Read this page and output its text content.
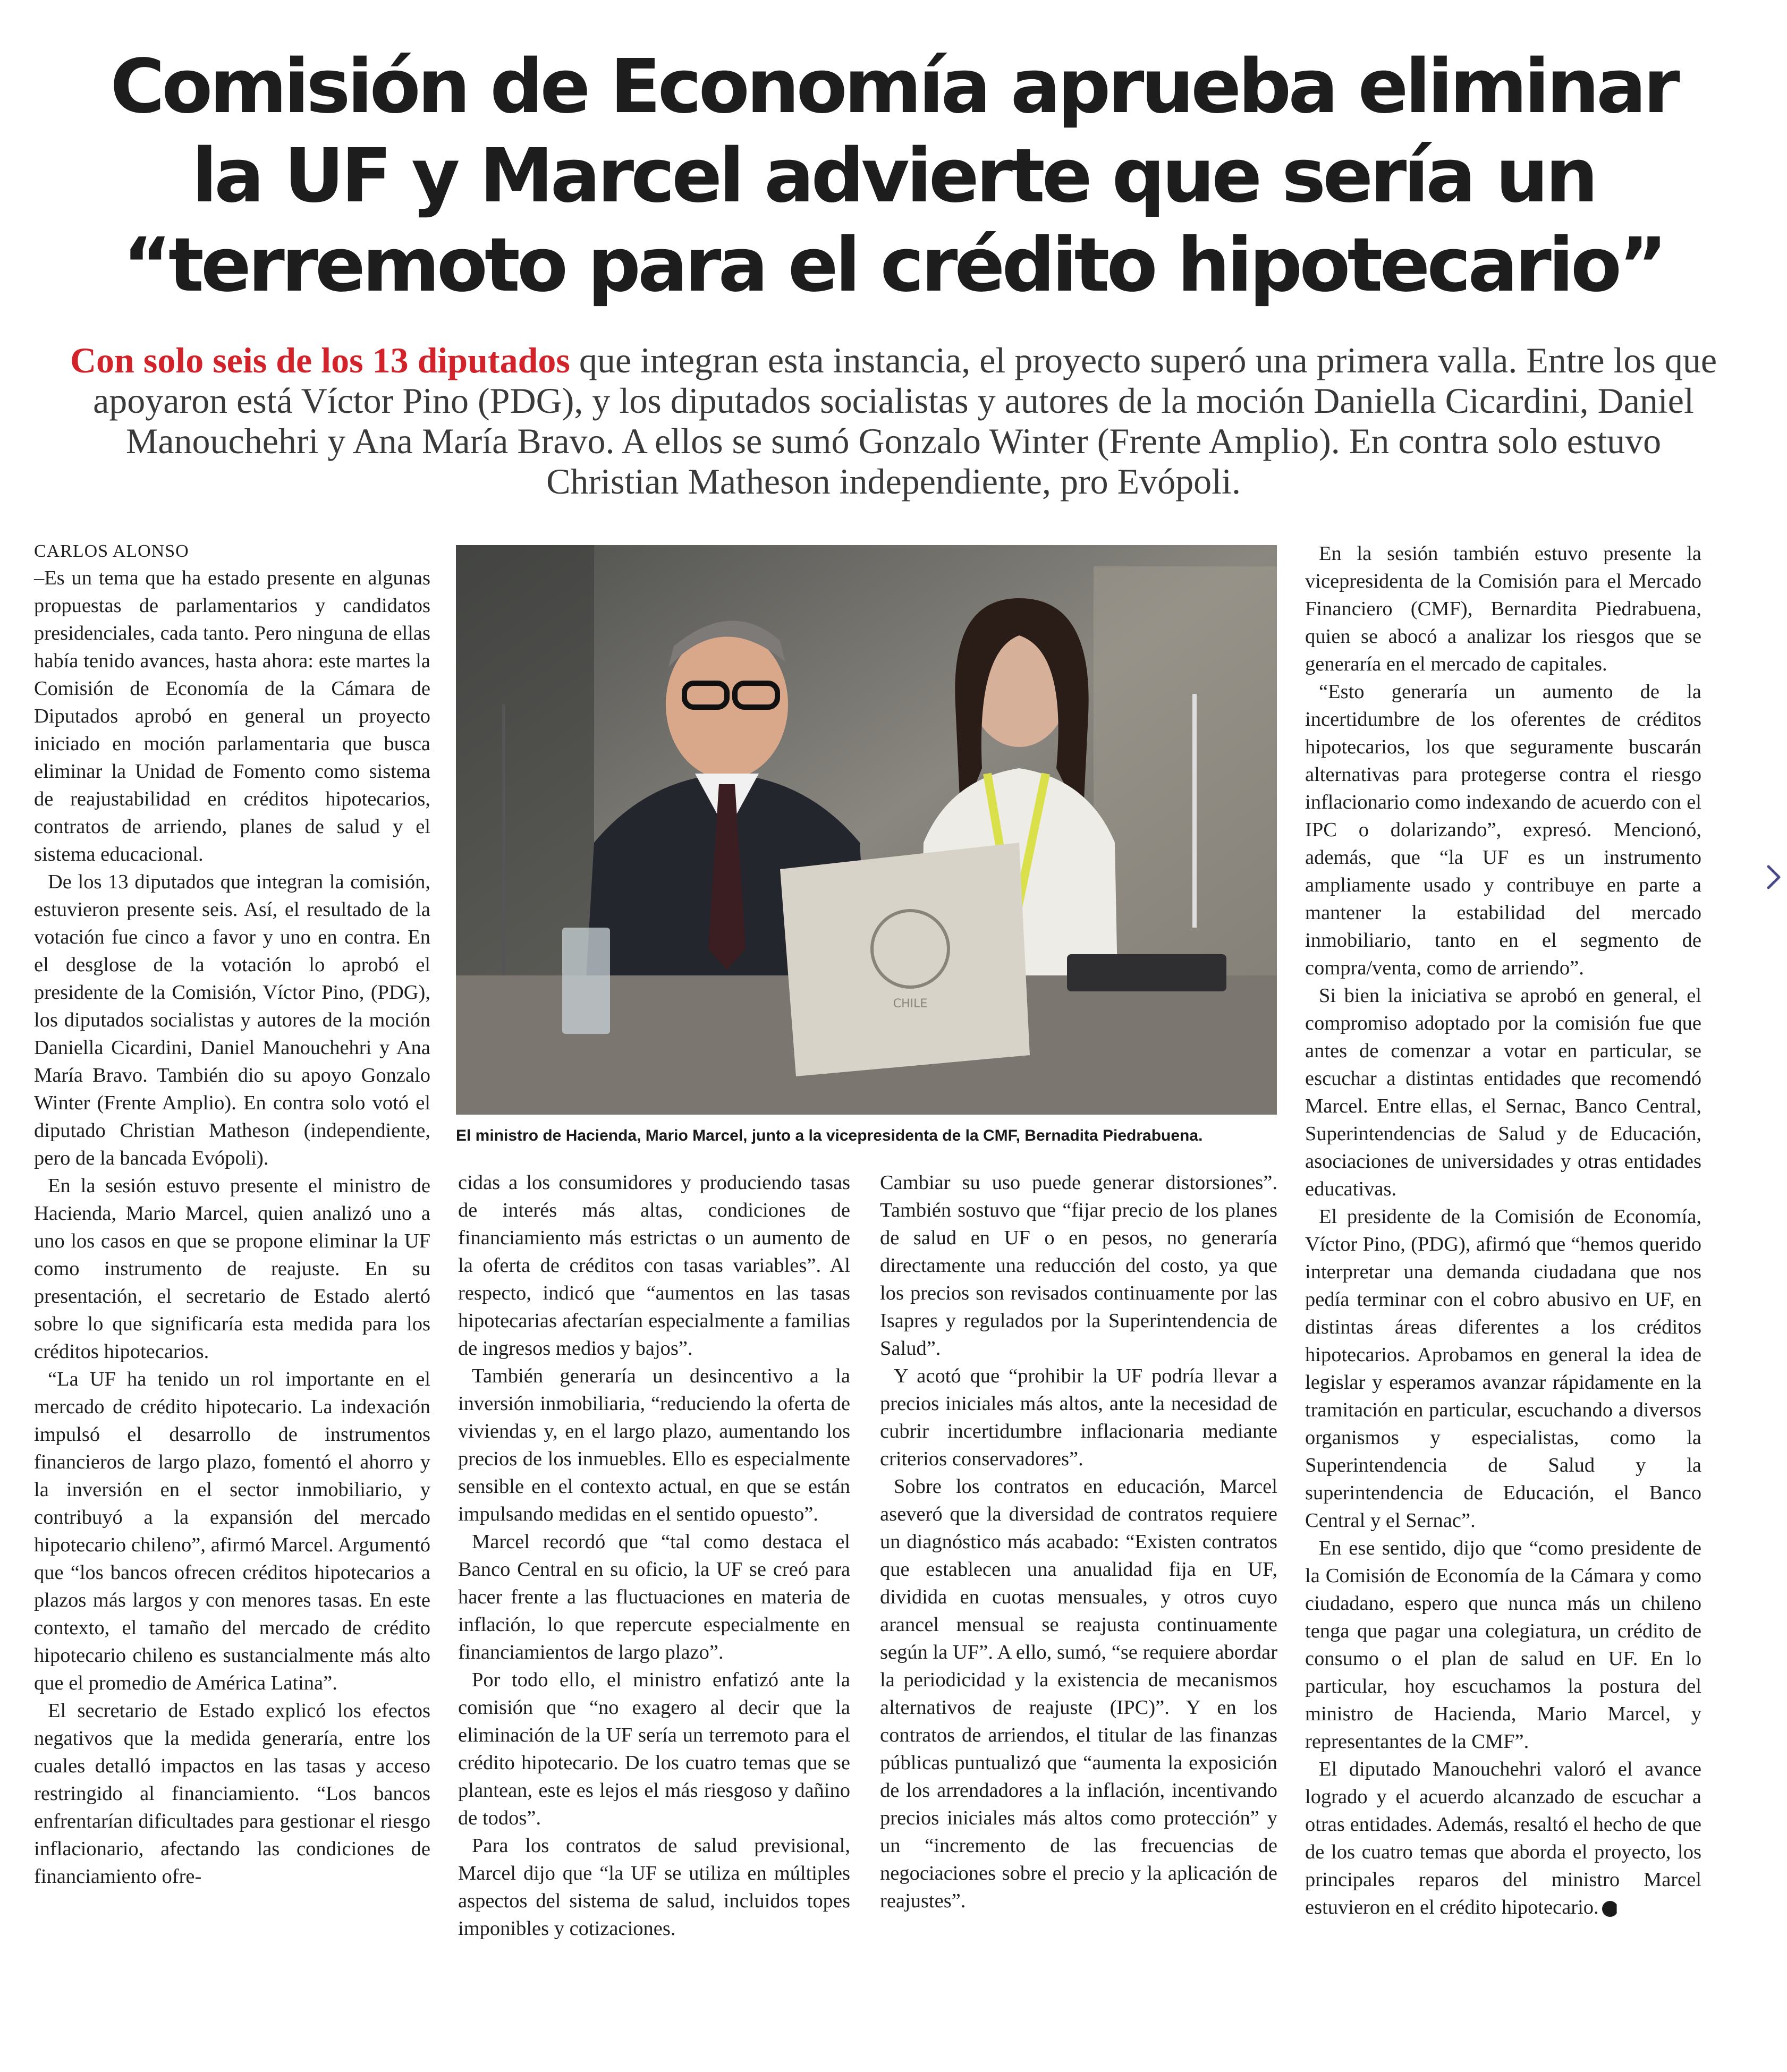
Comisión de Economía aprueba eliminar
la UF y Marcel advierte que sería un
“terremoto para el crédito hipotecario”
Con solo seis de los 13 diputados que integran esta instancia, el proyecto superó una primera valla. Entre los que apoyaron está Víctor Pino (PDG), y los diputados socialistas y autores de la moción Daniella Cicardini, Daniel Manouchehri y Ana María Bravo. A ellos se sumó Gonzalo Winter (Frente Amplio). En contra solo estuvo Christian Matheson independiente, pro Evópoli.

CARLOS ALONSO

–Es un tema que ha estado presente en algunas propuestas de parlamentarios y candidatos presidenciales, cada tanto. Pero ninguna de ellas había tenido avances, hasta ahora: este martes la Comisión de Economía de la Cámara de Diputados aprobó en general un proyecto iniciado en moción parlamentaria que busca eliminar la Unidad de Fomento como sistema de reajustabilidad en créditos hipotecarios, contratos de arriendo, planes de salud y el sistema educacional.

De los 13 diputados que integran la comisión, estuvieron presente seis. Así, el resultado de la votación fue cinco a favor y uno en contra. En el desglose de la votación lo aprobó el presidente de la Comisión, Víctor Pino, (PDG), los diputados socialistas y autores de la moción Daniella Cicardini, Daniel Manouchehri y Ana María Bravo. También dio su apoyo Gonzalo Winter (Frente Amplio). En contra solo votó el diputado Christian Matheson (independiente, pero de la bancada Evópoli).

En la sesión estuvo presente el ministro de Hacienda, Mario Marcel, quien analizó uno a uno los casos en que se propone eliminar la UF como instrumento de reajuste. En su presentación, el secretario de Estado alertó sobre lo que significaría esta medida para los créditos hipotecarios.

“La UF ha tenido un rol importante en el mercado de crédito hipotecario. La indexación impulsó el desarrollo de instrumentos financieros de largo plazo, fomentó el ahorro y la inversión en el sector inmobiliario, y contribuyó a la expansión del mercado hipotecario chileno”, afirmó Marcel. Argumentó que “los bancos ofrecen créditos hipotecarios a plazos más largos y con menores tasas. En este contexto, el tamaño del mercado de crédito hipotecario chileno es sustancialmente más alto que el promedio de América Latina”.

El secretario de Estado explicó los efectos negativos que la medida generaría, entre los cuales detalló impactos en las tasas y acceso restringido al financiamiento. “Los bancos enfrentarían dificultades para gestionar el riesgo inflacionario, afectando las condiciones de financiamiento ofre-

CHILE
El ministro de Hacienda, Mario Marcel, junto a la vicepresidenta de la CMF, Bernadita Piedrabuena.

cidas a los consumidores y produciendo tasas de interés más altas, condiciones de financiamiento más estrictas o un aumento de la oferta de créditos con tasas variables”. Al respecto, indicó que “aumentos en las tasas hipotecarias afectarían especialmente a familias de ingresos medios y bajos”.

También generaría un desincentivo a la inversión inmobiliaria, “reduciendo la oferta de viviendas y, en el largo plazo, aumentando los precios de los inmuebles. Ello es especialmente sensible en el contexto actual, en que se están impulsando medidas en el sentido opuesto”.

Marcel recordó que “tal como destaca el Banco Central en su oficio, la UF se creó para hacer frente a las fluctuaciones en materia de inflación, lo que repercute especialmente en financiamientos de largo plazo”.

Por todo ello, el ministro enfatizó ante la comisión que “no exagero al decir que la eliminación de la UF sería un terremoto para el crédito hipotecario. De los cuatro temas que se plantean, este es lejos el más riesgoso y dañino de todos”.

Para los contratos de salud previsional, Marcel dijo que “la UF se utiliza en múltiples aspectos del sistema de salud, incluidos topes imponibles y cotizaciones.

Cambiar su uso puede generar distorsiones”. También sostuvo que “fijar precio de los planes de salud en UF o en pesos, no generaría directamente una reducción del costo, ya que los precios son revisados continuamente por las Isapres y regulados por la Superintendencia de Salud”.

Y acotó que “prohibir la UF podría llevar a precios iniciales más altos, ante la necesidad de cubrir incertidumbre inflacionaria mediante criterios conservadores”.

Sobre los contratos en educación, Marcel aseveró que la diversidad de contratos requiere un diagnóstico más acabado: “Existen contratos que establecen una anualidad fija en UF, dividida en cuotas mensuales, y otros cuyo arancel mensual se reajusta continuamente según la UF”. A ello, sumó, “se requiere abordar la periodicidad y la existencia de mecanismos alternativos de reajuste (IPC)”. Y en los contratos de arriendos, el titular de las finanzas públicas puntualizó que “aumenta la exposición de los arrendadores a la inflación, incentivando precios iniciales más altos como protección” y un “incremento de las frecuencias de negociaciones sobre el precio y la aplicación de reajustes”.

En la sesión también estuvo presente la vicepresidenta de la Comisión para el Mercado Financiero (CMF), Bernardita Piedrabuena, quien se abocó a analizar los riesgos que se generaría en el mercado de capitales.

“Esto generaría un aumento de la incertidumbre de los oferentes de créditos hipotecarios, los que seguramente buscarán alternativas para protegerse contra el riesgo inflacionario como indexando de acuerdo con el IPC o dolarizando”, expresó. Mencionó, además, que “la UF es un instrumento ampliamente usado y contribuye en parte a mantener la estabilidad del mercado inmobiliario, tanto en el segmento de compra/venta, como de arriendo”.

Si bien la iniciativa se aprobó en general, el compromiso adoptado por la comisión fue que antes de comenzar a votar en particular, se escuchar a distintas entidades que recomendó Marcel. Entre ellas, el Sernac, Banco Central, Superintendencias de Salud y de Educación, asociaciones de universidades y otras entidades educativas.

El presidente de la Comisión de Economía, Víctor Pino, (PDG), afirmó que “hemos querido interpretar una demanda ciudadana que nos pedía terminar con el cobro abusivo en UF, en distintas áreas diferentes a los créditos hipotecarios. Aprobamos en general la idea de legislar y esperamos avanzar rápidamente en la tramitación en particular, escuchando a diversos organismos y especialistas, como la Superintendencia de Salud y la superintendencia de Educación, el Banco Central y el Sernac”.

En ese sentido, dijo que “como presidente de la Comisión de Economía de la Cámara y como ciudadano, espero que nunca más un chileno tenga que pagar una colegiatura, un crédito de consumo o el plan de salud en UF. En lo particular, hoy escuchamos la postura del ministro de Hacienda, Mario Marcel, y representantes de la CMF”.

El diputado Manouchehri valoró el avance logrado y el acuerdo alcanzado de escuchar a otras entidades. Además, resaltó el hecho de que de los cuatro temas que aborda el proyecto, los principales reparos del ministro Marcel estuvieron en el crédito hipotecario. P
